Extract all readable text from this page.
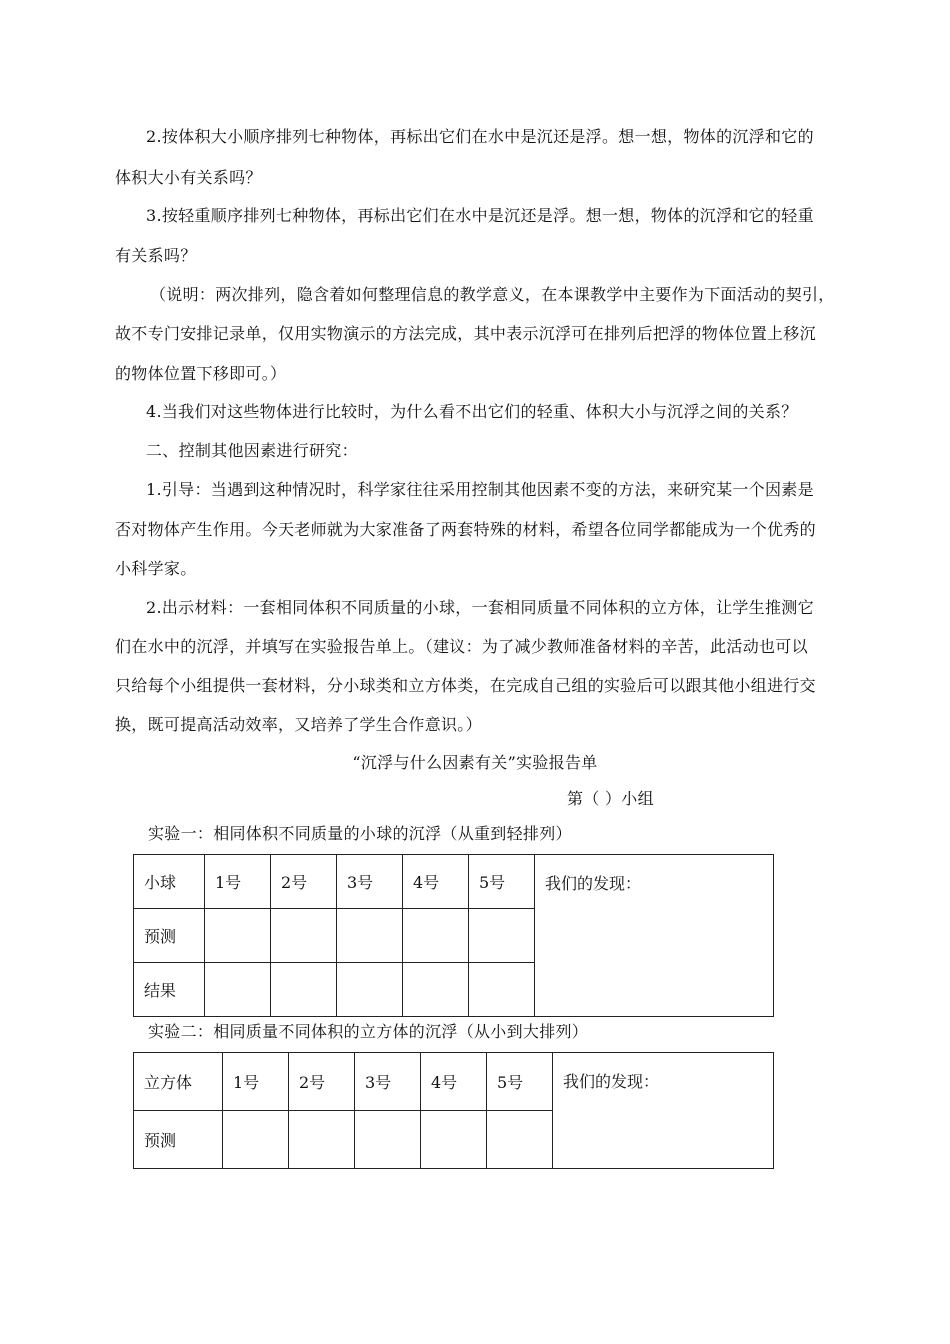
2.按体积大小顺序排列七种物体，再标出它们在水中是沉还是浮。想一想，物体的沉浮和它的
体积大小有关系吗？
3.按轻重顺序排列七种物体，再标出它们在水中是沉还是浮。想一想，物体的沉浮和它的轻重
有关系吗？
（说明：两次排列，隐含着如何整理信息的教学意义，在本课教学中主要作为下面活动的契引，
故不专门安排记录单，仅用实物演示的方法完成，其中表示沉浮可在排列后把浮的物体位置上移沉
的物体位置下移即可。）
4.当我们对这些物体进行比较时，为什么看不出它们的轻重、体积大小与沉浮之间的关系？
二、控制其他因素进行研究：
1.引导：当遇到这种情况时，科学家往往采用控制其他因素不变的方法，来研究某一个因素是
否对物体产生作用。今天老师就为大家准备了两套特殊的材料，希望各位同学都能成为一个优秀的
小科学家。
2.出示材料：一套相同体积不同质量的小球，一套相同质量不同体积的立方体，让学生推测它
们在水中的沉浮，并填写在实验报告单上。（建议：为了减少教师准备材料的辛苦，此活动也可以
只给每个小组提供一套材料，分小球类和立方体类，在完成自己组的实验后可以跟其他小组进行交
换，既可提高活动效率，又培养了学生合作意识。）
“沉浮与什么因素有关”实验报告单
第（ ）小组
实验一：相同体积不同质量的小球的沉浮（从重到轻排列）
小球	1号	2号	3号	4号	5号	我们的发现：
预测						
结果						
实验二：相同质量不同体积的立方体的沉浮（从小到大排列）
立方体	1号	2号	3号	4号	5号	我们的发现：
预测						
